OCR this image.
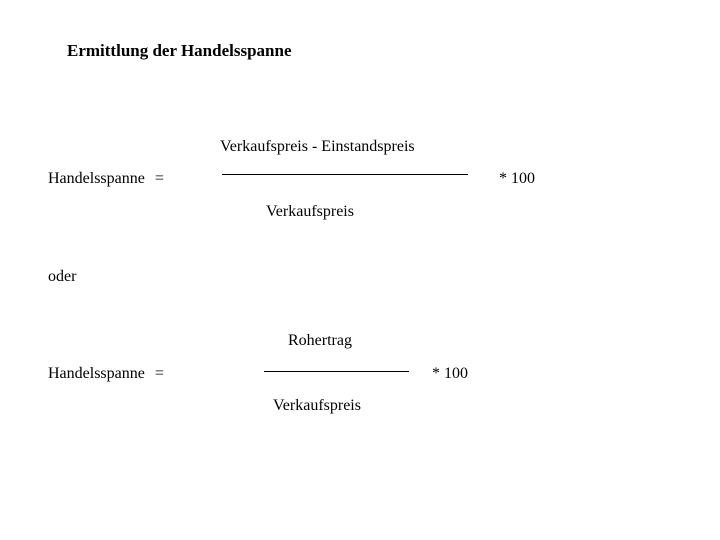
Ermittlung der Handelsspanne
Verkaufspreis - Einstandspreis
Handelsspanne =	* 100
Verkaufspreis
oder
Rohertrag
Handelsspanne =	* 100
Verkaufspreis
